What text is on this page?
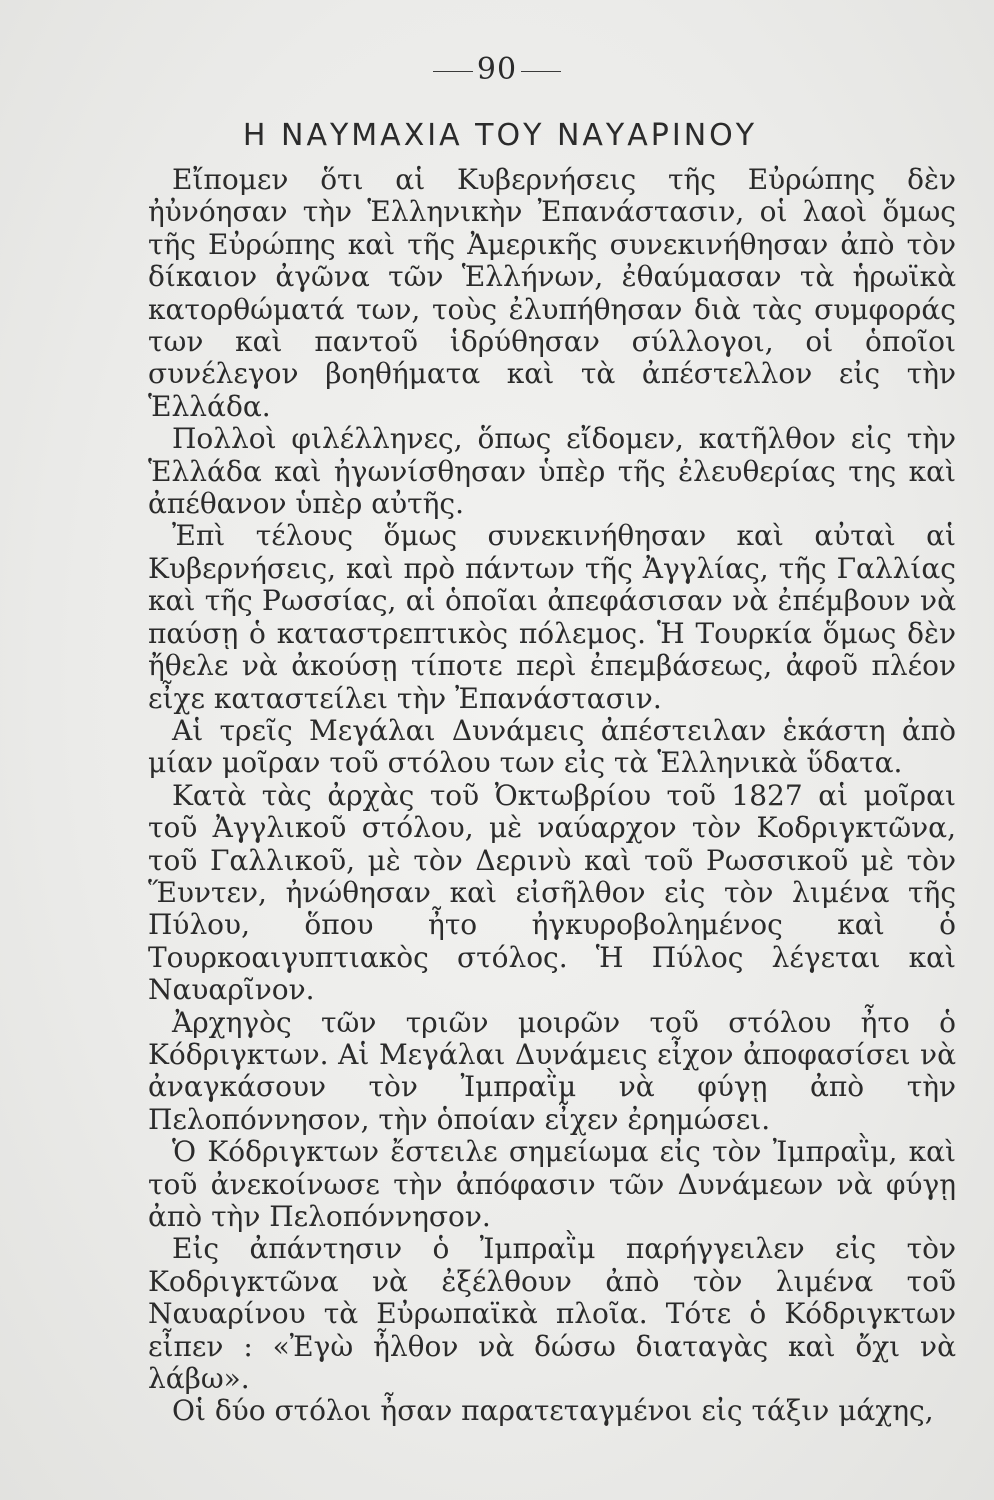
90
Η ΝΑΥΜΑΧΙΑ ΤΟΥ ΝΑΥΑΡΙΝΟΥ

Εἴπομεν ὅτι αἱ Κυβερνήσεις τῆς Εὐρώπης δὲν ἠὐνόησαν τὴν Ἑλληνικὴν Ἐπανάστασιν, οἱ λαοὶ ὅμως τῆς Εὐρώπης καὶ τῆς Ἀμερικῆς συνεκινήθησαν ἀπὸ τὸν δίκαιον ἀγῶνα τῶν Ἑλλήνων, ἐθαύμασαν τὰ ἡρωϊκὰ κατορθώματά των, τοὺς ἐλυπήθησαν διὰ τὰς συμφοράς των καὶ παντοῦ ἱδρύθησαν σύλλογοι, οἱ ὁποῖοι συνέλεγον βοηθήματα καὶ τὰ ἀπέστελλον εἰς τὴν Ἑλλάδα.

Πολλοὶ φιλέλληνες, ὅπως εἴδομεν, κατῆλθον εἰς τὴν Ἑλλάδα καὶ ἠγωνίσθησαν ὑπὲρ τῆς ἐλευθερίας της καὶ ἀπέθανον ὑπὲρ αὐτῆς.

Ἐπὶ τέλους ὅμως συνεκινήθησαν καὶ αὐταὶ αἱ Κυβερνήσεις, καὶ πρὸ πάντων τῆς Ἀγγλίας, τῆς Γαλλίας καὶ τῆς Ρωσσίας, αἱ ὁποῖαι ἀπεφάσισαν νὰ ἐπέμβουν νὰ παύσῃ ὁ καταστρεπτικὸς πόλεμος. Ἡ Τουρκία ὅμως δὲν ἤθελε νὰ ἀκούσῃ τίποτε περὶ ἐπεμβάσεως, ἀφοῦ πλέον εἶχε καταστείλει τὴν Ἐπανάστασιν.

Αἱ τρεῖς Μεγάλαι Δυνάμεις ἀπέστειλαν ἑκάστη ἀπὸ μίαν μοῖραν τοῦ στόλου των εἰς τὰ Ἑλληνικὰ ὕδατα.

Κατὰ τὰς ἀρχὰς τοῦ Ὀκτωβρίου τοῦ 1827 αἱ μοῖραι τοῦ Ἀγγλικοῦ στόλου, μὲ ναύαρχον τὸν Κοδριγκτῶνα, τοῦ Γαλλικοῦ, μὲ τὸν Δερινὺ καὶ τοῦ Ρωσσικοῦ μὲ τὸν Ἕυντεν, ἠνώθησαν καὶ εἰσῆλθον εἰς τὸν λιμένα τῆς Πύλου, ὅπου ἦτο ἠγκυροβολημένος καὶ ὁ Τουρκοαιγυπτιακὸς στόλος. Ἡ Πύλος λέγεται καὶ Ναυαρῖνον.

Ἀρχηγὸς τῶν τριῶν μοιρῶν τοῦ στόλου ἦτο ὁ Κόδριγκτων. Αἱ Μεγάλαι Δυνάμεις εἶχον ἀποφασίσει νὰ ἀναγκάσουν τὸν Ἰμπραῒμ νὰ φύγῃ ἀπὸ τὴν Πελοπόννησον, τὴν ὁποίαν εἶχεν ἐρημώσει.

Ὁ Κόδριγκτων ἔστειλε σημείωμα εἰς τὸν Ἰμπραῒμ, καὶ τοῦ ἀνεκοίνωσε τὴν ἀπόφασιν τῶν Δυνάμεων νὰ φύγῃ ἀπὸ τὴν Πελοπόννησον.

Εἰς ἀπάντησιν ὁ Ἰμπραῒμ παρήγγειλεν εἰς τὸν Κοδριγκτῶνα νὰ ἐξέλθουν ἀπὸ τὸν λιμένα τοῦ Ναυαρίνου τὰ Εὐρωπαϊκὰ πλοῖα. Τότε ὁ Κόδριγκτων εἶπεν : «Ἐγὼ ἦλθον νὰ δώσω διαταγὰς καὶ ὄχι νὰ λάβω».

Οἱ δύο στόλοι ἦσαν παρατεταγμένοι εἰς τάξιν μάχης,
